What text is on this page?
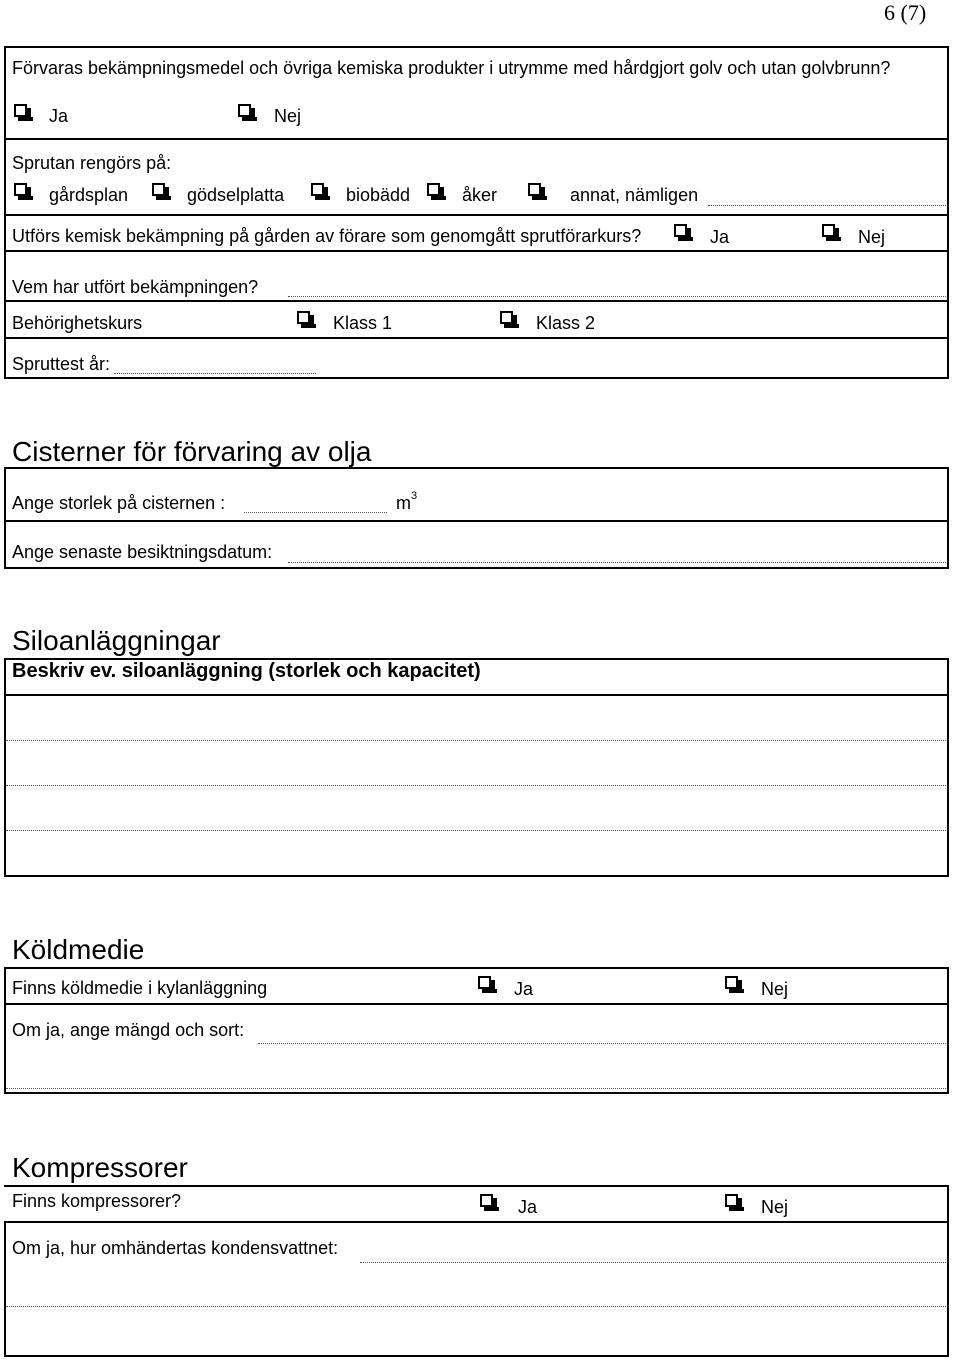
6 (7)
Förvaras bekämpningsmedel och övriga kemiska produkter i utrymme med hårdgjort golv och utan golvbrunn?
Ja	Nej
Sprutan rengörs på:
gårdsplan	gödselplatta	biobädd	åker	annat, nämligen
Utförs kemisk bekämpning på gården av förare som genomgått sprutförarkurs?	Ja	Nej
Vem har utfört bekämpningen?
Behörighetskurs	Klass 1	Klass 2
Spruttest år:
Cisterner för förvaring av olja
Ange storlek på cisternen :	$m^3$
Ange senaste besiktningsdatum:
Siloanläggningar
Beskriv ev. siloanläggning (storlek och kapacitet)
Köldmedie
Finns köldmedie i kylanläggning	Ja	Nej
Om ja, ange mängd och sort:
Kompressorer
Finns kompressorer?	Ja	Nej
Om ja, hur omhändertas kondensvattnet:
